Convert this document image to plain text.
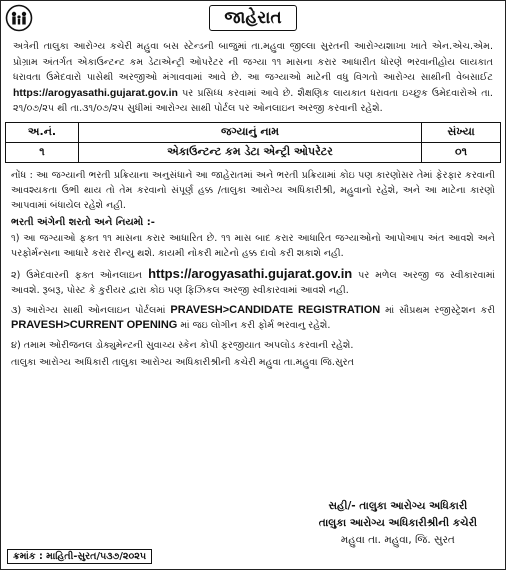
જાહેરાત
અત્રેની તાલુકા આરોગ્ય કચેરી મહુવા બસ સ્ટેન્ડની બાજુમાં તા.મહુવા જીલ્લા સુરતની આરોગ્યશાખા ખાતે એન.એચ.એમ. પ્રોગ્રામ અંતર્ગત એકાઉન્ટન્ટ કમ ડેટાએન્ટ્રી ઓપરેટર ની જગ્યા ૧૧ માસના કરાર આધારીત ધોરણે ભરવાનીહોય લાયકાત ધરાવતા ઉમેદવારો પાસેથી અરજીઓ મંગાવવામાં આવે છે. આ જગ્યાઓ માટેની વધુ વિગતો આરોગ્ય સાથીની વેબસાઈટ https://arogyasathi.gujarat.gov.in પર પ્રસિધ્ધ કરવામાં આવે છે. શૈક્ષણિક લાયકાત ધરાવતા ઇચ્છુક ઉમેદવારોએ તા. ૨૧/૦૭/૨૫ થી તા.૩૧/૦૭/૨૫ સુધીમાં આરોગ્ય સાથી પોર્ટલ પર ઓનલાઇન અરજી કરવાની રહેશે.
અ.નં.	જગ્યાનું નામ	સંખ્યા
૧	એકાઉન્ટન્ટ કમ ડેટા એન્ટ્રી ઓપરેટર	૦૧
નોંધ : આ જગ્યાની ભરતી પ્રક્રિયાના અનુસંધાને આ જાહેરાતમાં અને ભરતી પ્રક્રિયામાં કોઇ પણ કારણોસર તેમાં ફેરફાર કરવાની આવશ્યકતા ઉભી થાય તો તેમ કરવાનો સંપૂર્ણ હક્ક /તાલુકા આરોગ્ય અધિકારીશ્રી, મહુવાનો રહેશે, અને આ માટેના કારણો આપવામાં બંધાયેલ રહેશે નહી.
ભરતી અંગેની શરતો અને નિયમો :-
૧) આ જગ્યાઓ ફક્ત ૧૧ માસના કરાર આધારિત છે. ૧૧ માસ બાદ કરાર આધારિત જગ્યાઓનો આપોઆપ અંત આવશે અને પરફોર્મન્સના આધારે કરાર રીન્યુ થશે. કાયમી નોકરી માટેનો હક્ક દાવો કરી શકાશે નહી.
૨) ઉમેદવારની ફક્ત ઓનલાઇન https://arogyasathi.gujarat.gov.in પર મળેલ અરજી જ સ્વીકારવામાં આવશે. રૂબરૂ, પોસ્ટ કે કુરીયર દ્વારા કોઇ પણ ફિઝિકલ અરજી સ્વીકારવામાં આવશે નહી.
૩) આરોગ્ય સાથી ઓનલાઇન પોર્ટલમાં PRAVESH>CANDIDATE REGISTRATION માં સૌપ્રથમ રજીસ્ટ્રેશન કરી PRAVESH>CURRENT OPENING માં જઇ લોગીન કરી ફોર્મ ભરવાનુ રહેશે.
૪) તમામ ઓરીજનલ ડોક્યુમેન્ટની સુવાચ્ય સ્કેન કોપી ફરજીયાત અપલોડ કરવાની રહેશે.
તાલુકા આરોગ્ય અધિકારી તાલુકા આરોગ્ય અધિકારીશ્રીની કચેરી મહુવા તા.મહુવા જિ.સુરત
સહી/- તાલુકા આરોગ્ય અધિકારી
તાલુકા આરોગ્ય અધિકારીશ્રીની કચેરી
મહુવા તા. મહુવા, જિ. સુરત
ક્રમાંક : માહિતી-સુરત/૫૩૭/૨૦૨૫
